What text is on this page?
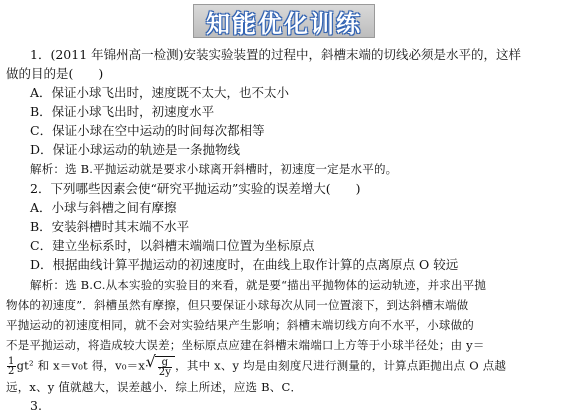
知能优化训练
1．(2011 年锦州高一检测)安装实验装置的过程中，斜槽末端的切线必须是水平的，这样
做的目的是(　　)
A．保证小球飞出时，速度既不太大，也不太小
B．保证小球飞出时，初速度水平
C．保证小球在空中运动的时间每次都相等
D．保证小球运动的轨迹是一条抛物线
解析：选 B.平抛运动就是要求小球离开斜槽时，初速度一定是水平的。
2．下列哪些因素会使“研究平抛运动”实验的误差增大(　　)
A．小球与斜槽之间有摩擦
B．安装斜槽时其末端不水平
C．建立坐标系时，以斜槽末端端口位置为坐标原点
D．根据曲线计算平抛运动的初速度时，在曲线上取作计算的点离原点 O 较远
解析：选 B.C.从本实验的实验目的来看，就是要“描出平抛物体的运动轨迹，并求出平抛
物体的初速度”．斜槽虽然有摩擦，但只要保证小球每次从同一位置滚下，到达斜槽末端做
平抛运动的初速度相同，就不会对实验结果产生影响；斜槽末端切线方向不水平，小球做的
不是平抛运动，将造成较大误差；坐标原点应建在斜槽末端端口上方等于小球半径处；由 y＝
$\frac{1}{2} gt^2$ 和 x＝v₀t 得，v₀＝x·
√ $\frac{g}{2y}$ ，其中 x、y 均是由刻度尺进行测量的，计算点距抛出点 O 点越
远，x、y 值就越大，误差越小．综上所述，应选 B、C．
3.
